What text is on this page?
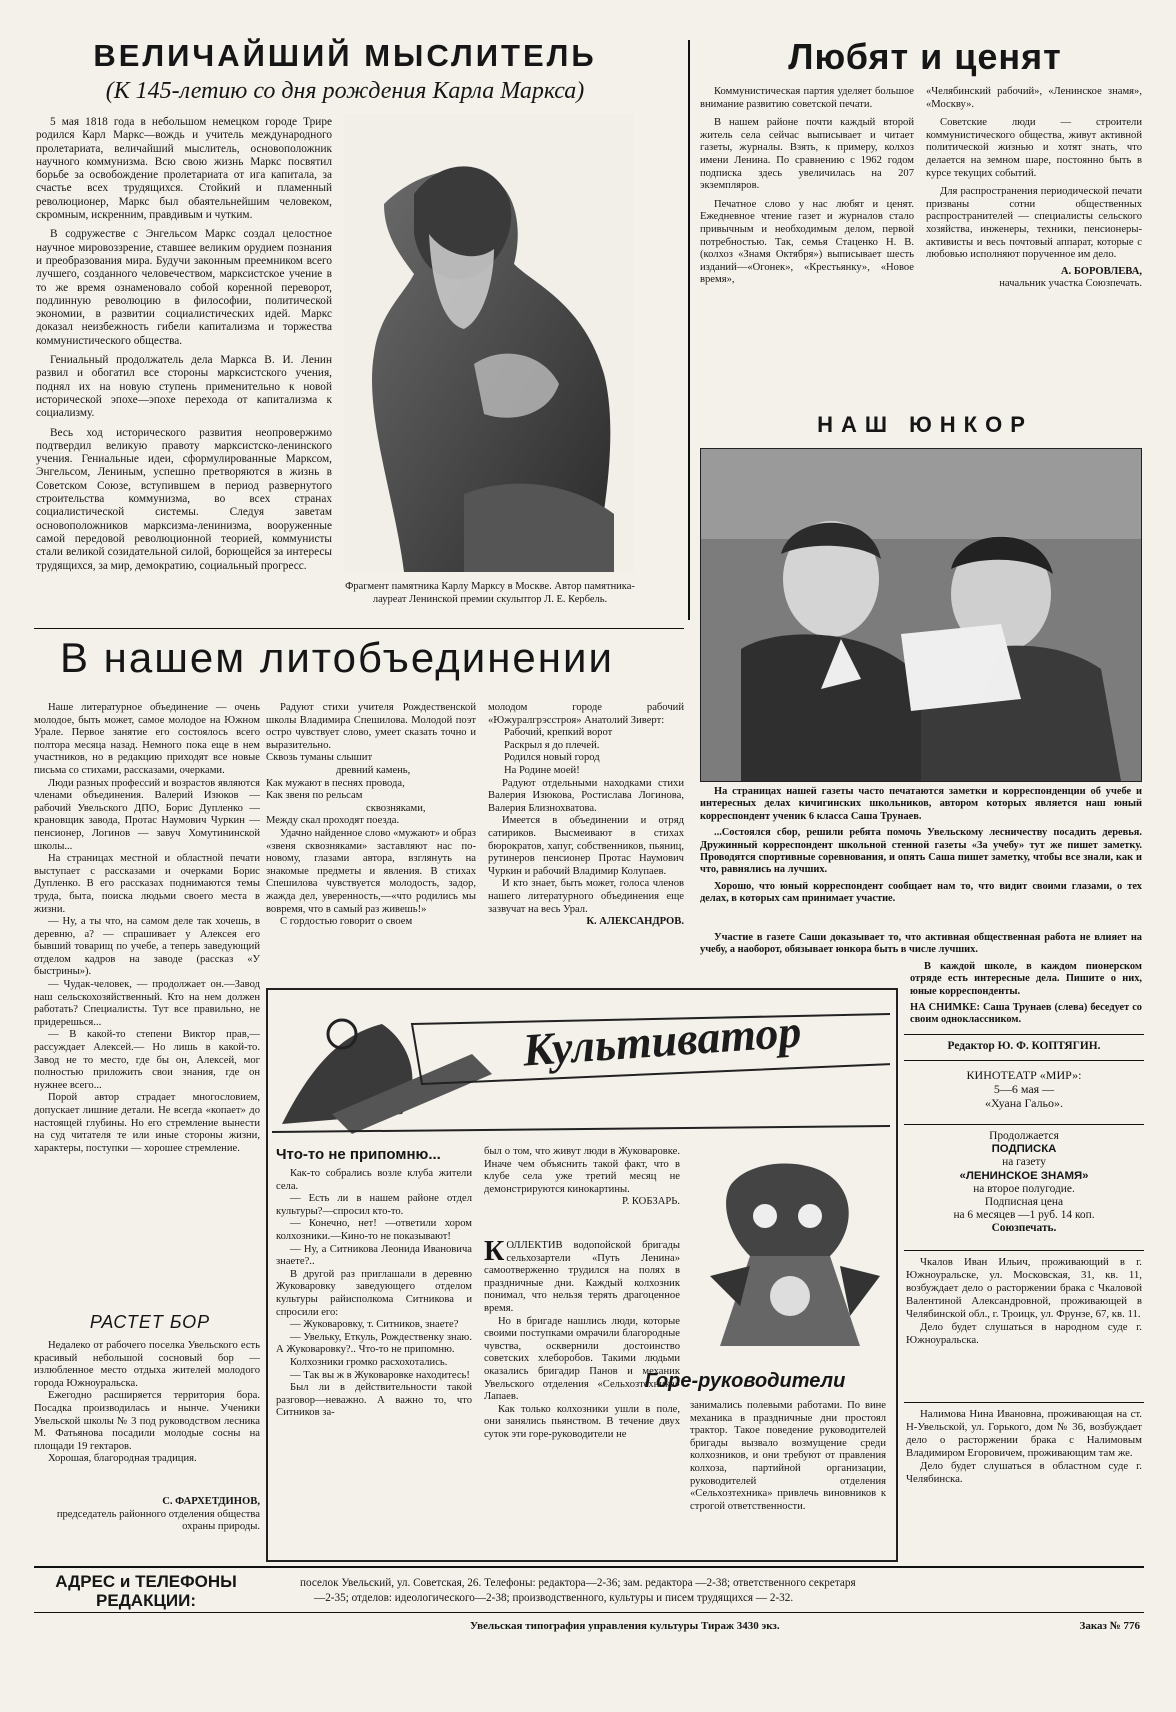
ВЕЛИЧАЙШИЙ МЫСЛИТЕЛЬ
(К 145-летию со дня рождения Карла Маркса)

5 мая 1818 года в небольшом немецком городе Трире родился Карл Маркс—вождь и учитель международного пролетариата, величайший мыслитель, основоположник научного коммунизма. Всю свою жизнь Маркс посвятил борьбе за освобождение пролетариата от ига капитала, за счастье всех трудящихся. Стойкий и пламенный революционер, Маркс был обаятельнейшим человеком, скромным, искренним, правдивым и чутким.

В содружестве с Энгельсом Маркс создал целостное научное мировоззрение, ставшее великим орудием познания и преобразования мира. Будучи законным преемником всего лучшего, созданного человечеством, марксистское учение в то же время ознаменовало собой коренной переворот, подлинную революцию в философии, политической экономии, в развитии социалистических идей. Маркс доказал неизбежность гибели капитализма и торжества коммунистического общества.

Гениальный продолжатель дела Маркса В. И. Ленин развил и обогатил все стороны марксистского учения, поднял их на новую ступень применительно к новой исторической эпохе—эпохе перехода от капитализма к социализму.

Весь ход исторического развития неопровержимо подтвердил великую правоту марксистско-ленинского учения. Гениальные идеи, сформулированные Марксом, Энгельсом, Лениным, успешно претворяются в жизнь в Советском Союзе, вступившем в период развернутого строительства коммунизма, во всех странах социалистической системы. Следуя заветам основоположников марксизма-ленинизма, вооруженные самой передовой революционной теорией, коммунисты стали великой созидательной силой, борющейся за интересы трудящихся, за мир, демократию, социальный прогресс.

Фрагмент памятника Карлу Марксу в Москве. Автор памятника-лауреат Ленинской премии скульптор Л. Е. Кербель.
Любят и ценят

Коммунистическая партия уделяет большое внимание развитию советской печати.

В нашем районе почти каждый второй житель села сейчас выписывает и читает газеты, журналы. Взять, к примеру, колхоз имени Ленина. По сравнению с 1962 годом подписка здесь увеличилась на 207 экземпляров.

Печатное слово у нас любят и ценят. Ежедневное чтение газет и журналов стало привычным и необходимым делом, первой потребностью. Так, семья Стаценко Н. В. (колхоз «Знамя Октября») выписывает шесть изданий—«Огонек», «Крестьянку», «Новое время»,

«Челябинский рабочий», «Ленинское знамя», «Москву».

Советские люди — строители коммунистического общества, живут активной политической жизнью и хотят знать, что делается на земном шаре, постоянно быть в курсе текущих событий.

Для распространения периодической печати призваны сотни общественных распространителей — специалисты сельского хозяйства, инженеры, техники, пенсионеры-активисты и весь почтовый аппарат, которые с любовью исполняют порученное им дело.

А. БОРОВЛЕВА,
начальник участка Союзпечать.
НАШ ЮНКОР

На страницах нашей газеты часто печатаются заметки и корреспонденции об учебе и интересных делах кичигинских школьников, автором которых является наш юный корреспондент ученик 6 класса Саша Трунаев.

...Состоялся сбор, решили ребята помочь Увельскому лесничеству посадить деревья. Дружинный корреспондент школьной стенной газеты «За учебу» тут же пишет заметку. Проводятся спортивные соревнования, и опять Саша пишет заметку, чтобы все знали, как и что, равнялись на лучших.

Хорошо, что юный корреспондент сообщает нам то, что видит своими глазами, о тех делах, в которых сам принимает участие.

Участие в газете Саши доказывает то, что активная общественная работа не влияет на учебу, а наоборот, обязывает юнкора быть в числе лучших.

В каждой школе, в каждом пионерском отряде есть интересные дела. Пишите о них, юные корреспонденты.

НА СНИМКЕ: Саша Трунаев (слева) беседует со своим одноклассником.

Редактор Ю. Ф. КОПТЯГИН.
КИНОТЕАТР «МИР»:
5—6 мая —
«Хуана Гальо».
Продолжается
ПОДПИСКА
на газету
«ЛЕНИНСКОЕ ЗНАМЯ»
на второе полугодие.
Подписная цена
на 6 месяцев —1 руб. 14 коп.
Союзпечать.

Чкалов Иван Ильич, проживающий в г. Южноуральске, ул. Московская, 31, кв. 11, возбуждает дело о расторжении брака с Чкаловой Валентиной Александровной, проживающей в Челябинской обл., г. Троицк, ул. Фрунзе, 67, кв. 11.

Дело будет слушаться в народном суде г. Южноуральска.

Налимова Нина Ивановна, проживающая на ст. Н-Увельской, ул. Горького, дом № 36, возбуждает дело о расторжении брака с Налимовым Владимиром Егоровичем, проживающим там же.

Дело будет слушаться в областном суде г. Челябинска.

В нашем литобъединении

Наше литературное объединение — очень молодое, быть может, самое молодое на Южном Урале. Первое занятие его состоялось всего полтора месяца назад. Немного пока еще в нем участников, но в редакцию приходят все новые письма со стихами, рассказами, очерками.

Люди разных профессий и возрастов являются членами объединения. Валерий Изюков — рабочий Увельского ДПО, Борис Дупленко — крановщик завода, Протас Наумович Чуркин — пенсионер, Логинов — завуч Хомутининской школы...

На страницах местной и областной печати выступает с рассказами и очерками Борис Дупленко. В его рассказах поднимаются темы труда, быта, поиска людьми своего места в жизни.

— Ну, а ты что, на самом деле так хочешь, в деревню, а? — спрашивает у Алексея его бывший товарищ по учебе, а теперь заведующий отделом кадров на заводе (рассказ «У быстрины»).

— Чудак-человек, — продолжает он.—Завод наш сельскохозяйственный. Кто на нем должен работать? Специалисты. Тут все правильно, не придерешься...

— В какой-то степени Виктор прав,— рассуждает Алексей.— Но лишь в какой-то. Завод не то место, где бы он, Алексей, мог полностью приложить свои знания, где он нужнее всего...

Порой автор страдает многословием, допускает лишние детали. Не всегда «копает» до настоящей глубины. Но его стремление вынести на суд читателя те или иные стороны жизни, характеры, поступки — хорошее стремление.

Радуют стихи учителя Рождественской школы Владимира Спешилова. Молодой поэт остро чувствует слово, умеет сказать точно и выразительно.

Сквозь туманы слышит
древний камень,
Как мужают в песнях провода,
Как звеня по рельсам
сквозняками,
Между скал проходят поезда.

Удачно найденное слово «мужают» и образ «звеня сквозняками» заставляют нас по-новому, глазами автора, взглянуть на знакомые предметы и явления. В стихах Спешилова чувствуется молодость, задор, жажда дел, уверенность,—«что родились мы вовремя, что в самый раз живешь!»

С гордостью говорит о своем

молодом городе рабочий «Южуралгрэсстроя» Анатолий Зиверт:

Рабочий, крепкий ворот
Раскрыл я до плечей.
Родился новый город
На Родине моей!

Радуют отдельными находками стихи Валерия Изюкова, Ростислава Логинова, Валерия Близнохватова.

Имеется в объединении и отряд сатириков. Высмеивают в стихах бюрократов, хапуг, собственников, пьяниц, рутинеров пенсионер Протас Наумович Чуркин и рабочий Владимир Колупаев.

И кто знает, быть может, голоса членов нашего литературного объединения еще зазвучат на весь Урал.

К. АЛЕКСАНДРОВ.
РАСТЕТ БОР

Недалеко от рабочего поселка Увельского есть красивый небольшой сосновый бор — излюбленное место отдыха жителей молодого города Южноуральска.

Ежегодно расширяется территория бора. Посадка производилась и нынче. Ученики Увельской школы № 3 под руководством лесника М. Фатьянова посадили молодые сосны на площади 19 гектаров.

Хорошая, благородная традиция.

С. ФАРХЕТДИНОВ,
председатель районного отделения общества охраны природы.
Культиватор
Что-то не припомню...

Как-то собрались возле клуба жители села.

— Есть ли в нашем районе отдел культуры?—спросил кто-то.

— Конечно, нет! —ответили хором колхозники.—Кино-то не показывают!

— Ну, а Ситникова Леонида Ивановича знаете?..

В другой раз приглашали в деревню Жуковаровку заведующего отделом культуры райисполкома Ситникова и спросили его:

— Жуковаровку, т. Ситников, знаете?

— Увельку, Еткуль, Рождественку знаю. А Жуковаровку?.. Что-то не припомню.

Колхозники громко расхохотались.

— Так вы ж в Жуковаровке находитесь!

Был ли в действительности такой разговор—неважно. А важно то, что Ситников за-

был о том, что живут люди в Жуковаровке. Иначе чем объяснить такой факт, что в клубе села уже третий месяц не демонстрируются кинокартины.

Р. КОБЗАРЬ.

КОЛЛЕКТИВ водопойской бригады сельхозартели «Путь Ленина» самоотверженно трудился на полях в праздничные дни. Каждый колхозник понимал, что нельзя терять драгоценное время.

Но в бригаде нашлись люди, которые своими поступками омрачили благородные чувства, осквернили достоинство советских хлеборобов. Такими людьми оказались бригадир Панов и механик Увельского отделения «Сельхозтехника» Лапаев.

Как только колхозники ушли в поле, они занялись пьянством. В течение двух суток эти горе-руководители не

Горе-руководители

занимались полевыми работами. По вине механика в праздничные дни простоял трактор. Такое поведение руководителей бригады вызвало возмущение среди колхозников, и они требуют от правления колхоза, партийной организации, руководителей отделения «Сельхозтехника» привлечь виновников к строгой ответственности.

АДРЕС и ТЕЛЕФОНЫ
РЕДАКЦИИ:
поселок Увельский, ул. Советская, 26. Телефоны: редактора—2-36; зам. редактора —2-38; ответственного секретаря
—2-35; отделов: идеологического—2-38; производственного, культуры и писем трудящихся — 2-32.
Увельская типография управления культуры Тираж 3430 экз.	Заказ № 776
